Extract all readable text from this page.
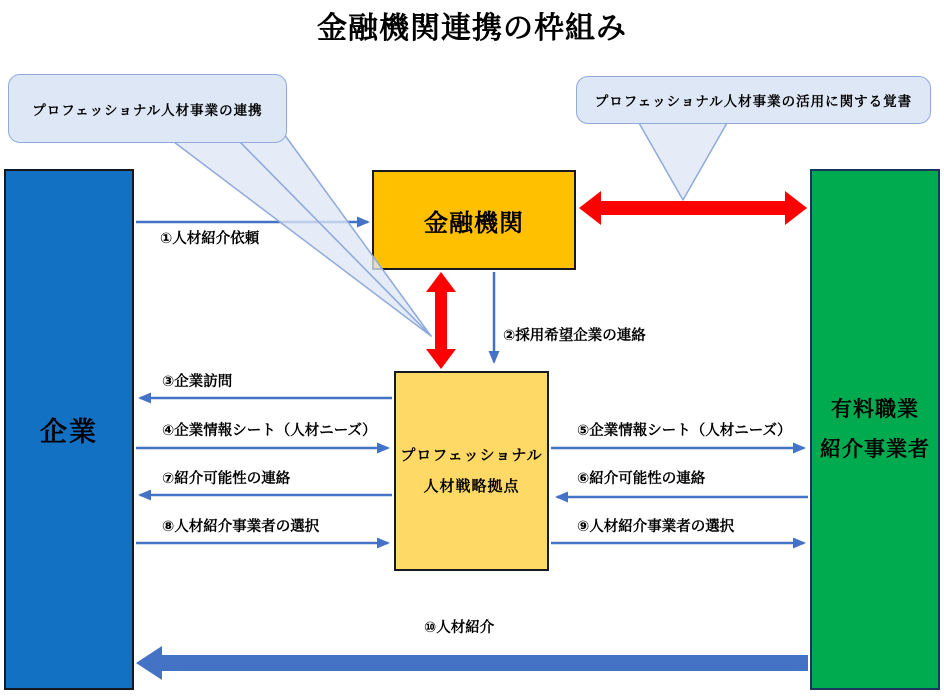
金融機関連携の枠組み
企業
金融機関
有料職業
紹介事業者
プロフェッショナル
人材戦略拠点
プロフェッショナル人材事業の連携
プロフェッショナル人材事業の活用に関する覚書
①人材紹介依頼
②採用希望企業の連絡
③企業訪問
④企業情報シート（人材ニーズ）	⑤企業情報シート（人材ニーズ）
⑥紹介可能性の連絡
⑦紹介可能性の連絡
⑧人材紹介事業者の選択	⑨人材紹介事業者の選択
⑩人材紹介
